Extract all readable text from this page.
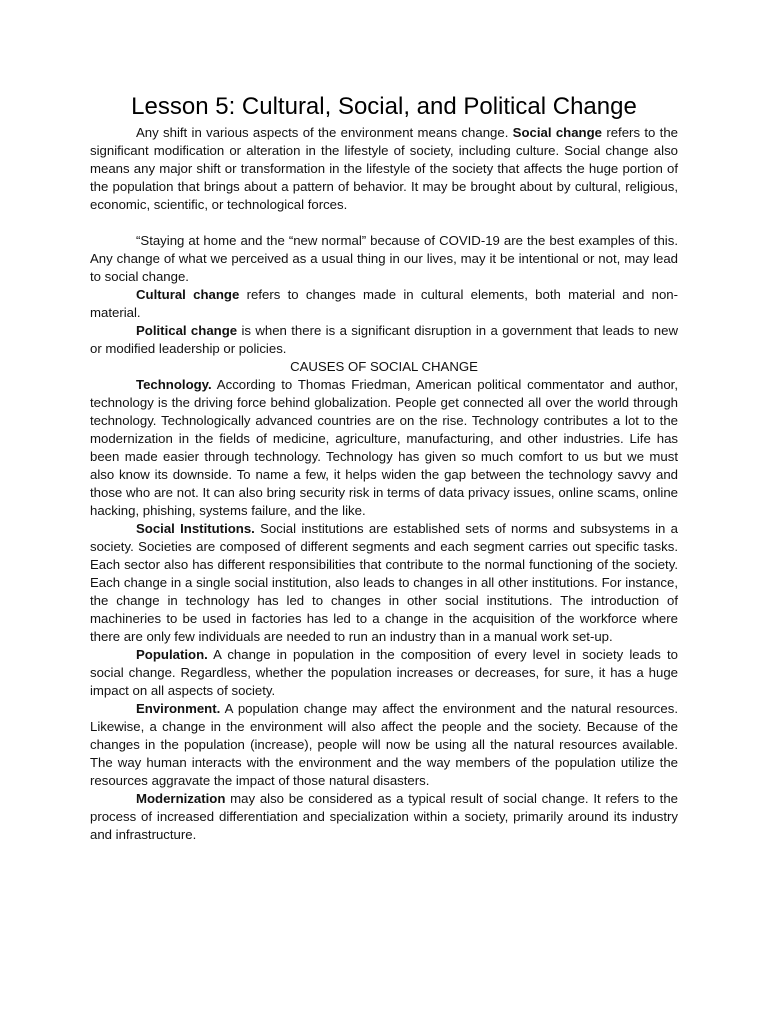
Lesson 5: Cultural, Social, and Political Change

Any shift in various aspects of the environment means change. Social change refers to the significant modification or alteration in the lifestyle of society, including culture. Social change also means any major shift or transformation in the lifestyle of the society that affects the huge portion of the population that brings about a pattern of behavior. It may be brought about by cultural, religious, economic, scientific, or technological forces.

“Staying at home and the “new normal” because of COVID-19 are the best examples of this. Any change of what we perceived as a usual thing in our lives, may it be intentional or not, may lead to social change.

Cultural change refers to changes made in cultural elements, both material and non-material.

Political change is when there is a significant disruption in a government that leads to new or modified leadership or policies.

CAUSES OF SOCIAL CHANGE

Technology. According to Thomas Friedman, American political commentator and author, technology is the driving force behind globalization. People get connected all over the world through technology. Technologically advanced countries are on the rise. Technology contributes a lot to the modernization in the fields of medicine, agriculture, manufacturing, and other industries. Life has been made easier through technology. Technology has given so much comfort to us but we must also know its downside. To name a few, it helps widen the gap between the technology savvy and those who are not. It can also bring security risk in terms of data privacy issues, online scams, online hacking, phishing, systems failure, and the like.

Social Institutions. Social institutions are established sets of norms and subsystems in a society. Societies are composed of different segments and each segment carries out specific tasks. Each sector also has different responsibilities that contribute to the normal functioning of the society. Each change in a single social institution, also leads to changes in all other institutions. For instance, the change in technology has led to changes in other social institutions. The introduction of machineries to be used in factories has led to a change in the acquisition of the workforce where there are only few individuals are needed to run an industry than in a manual work set-up.

Population. A change in population in the composition of every level in society leads to social change. Regardless, whether the population increases or decreases, for sure, it has a huge impact on all aspects of society.

Environment. A population change may affect the environment and the natural resources. Likewise, a change in the environment will also affect the people and the society. Because of the changes in the population (increase), people will now be using all the natural resources available. The way human interacts with the environment and the way members of the population utilize the resources aggravate the impact of those natural disasters.

Modernization may also be considered as a typical result of social change. It refers to the process of increased differentiation and specialization within a society, primarily around its industry and infrastructure.
